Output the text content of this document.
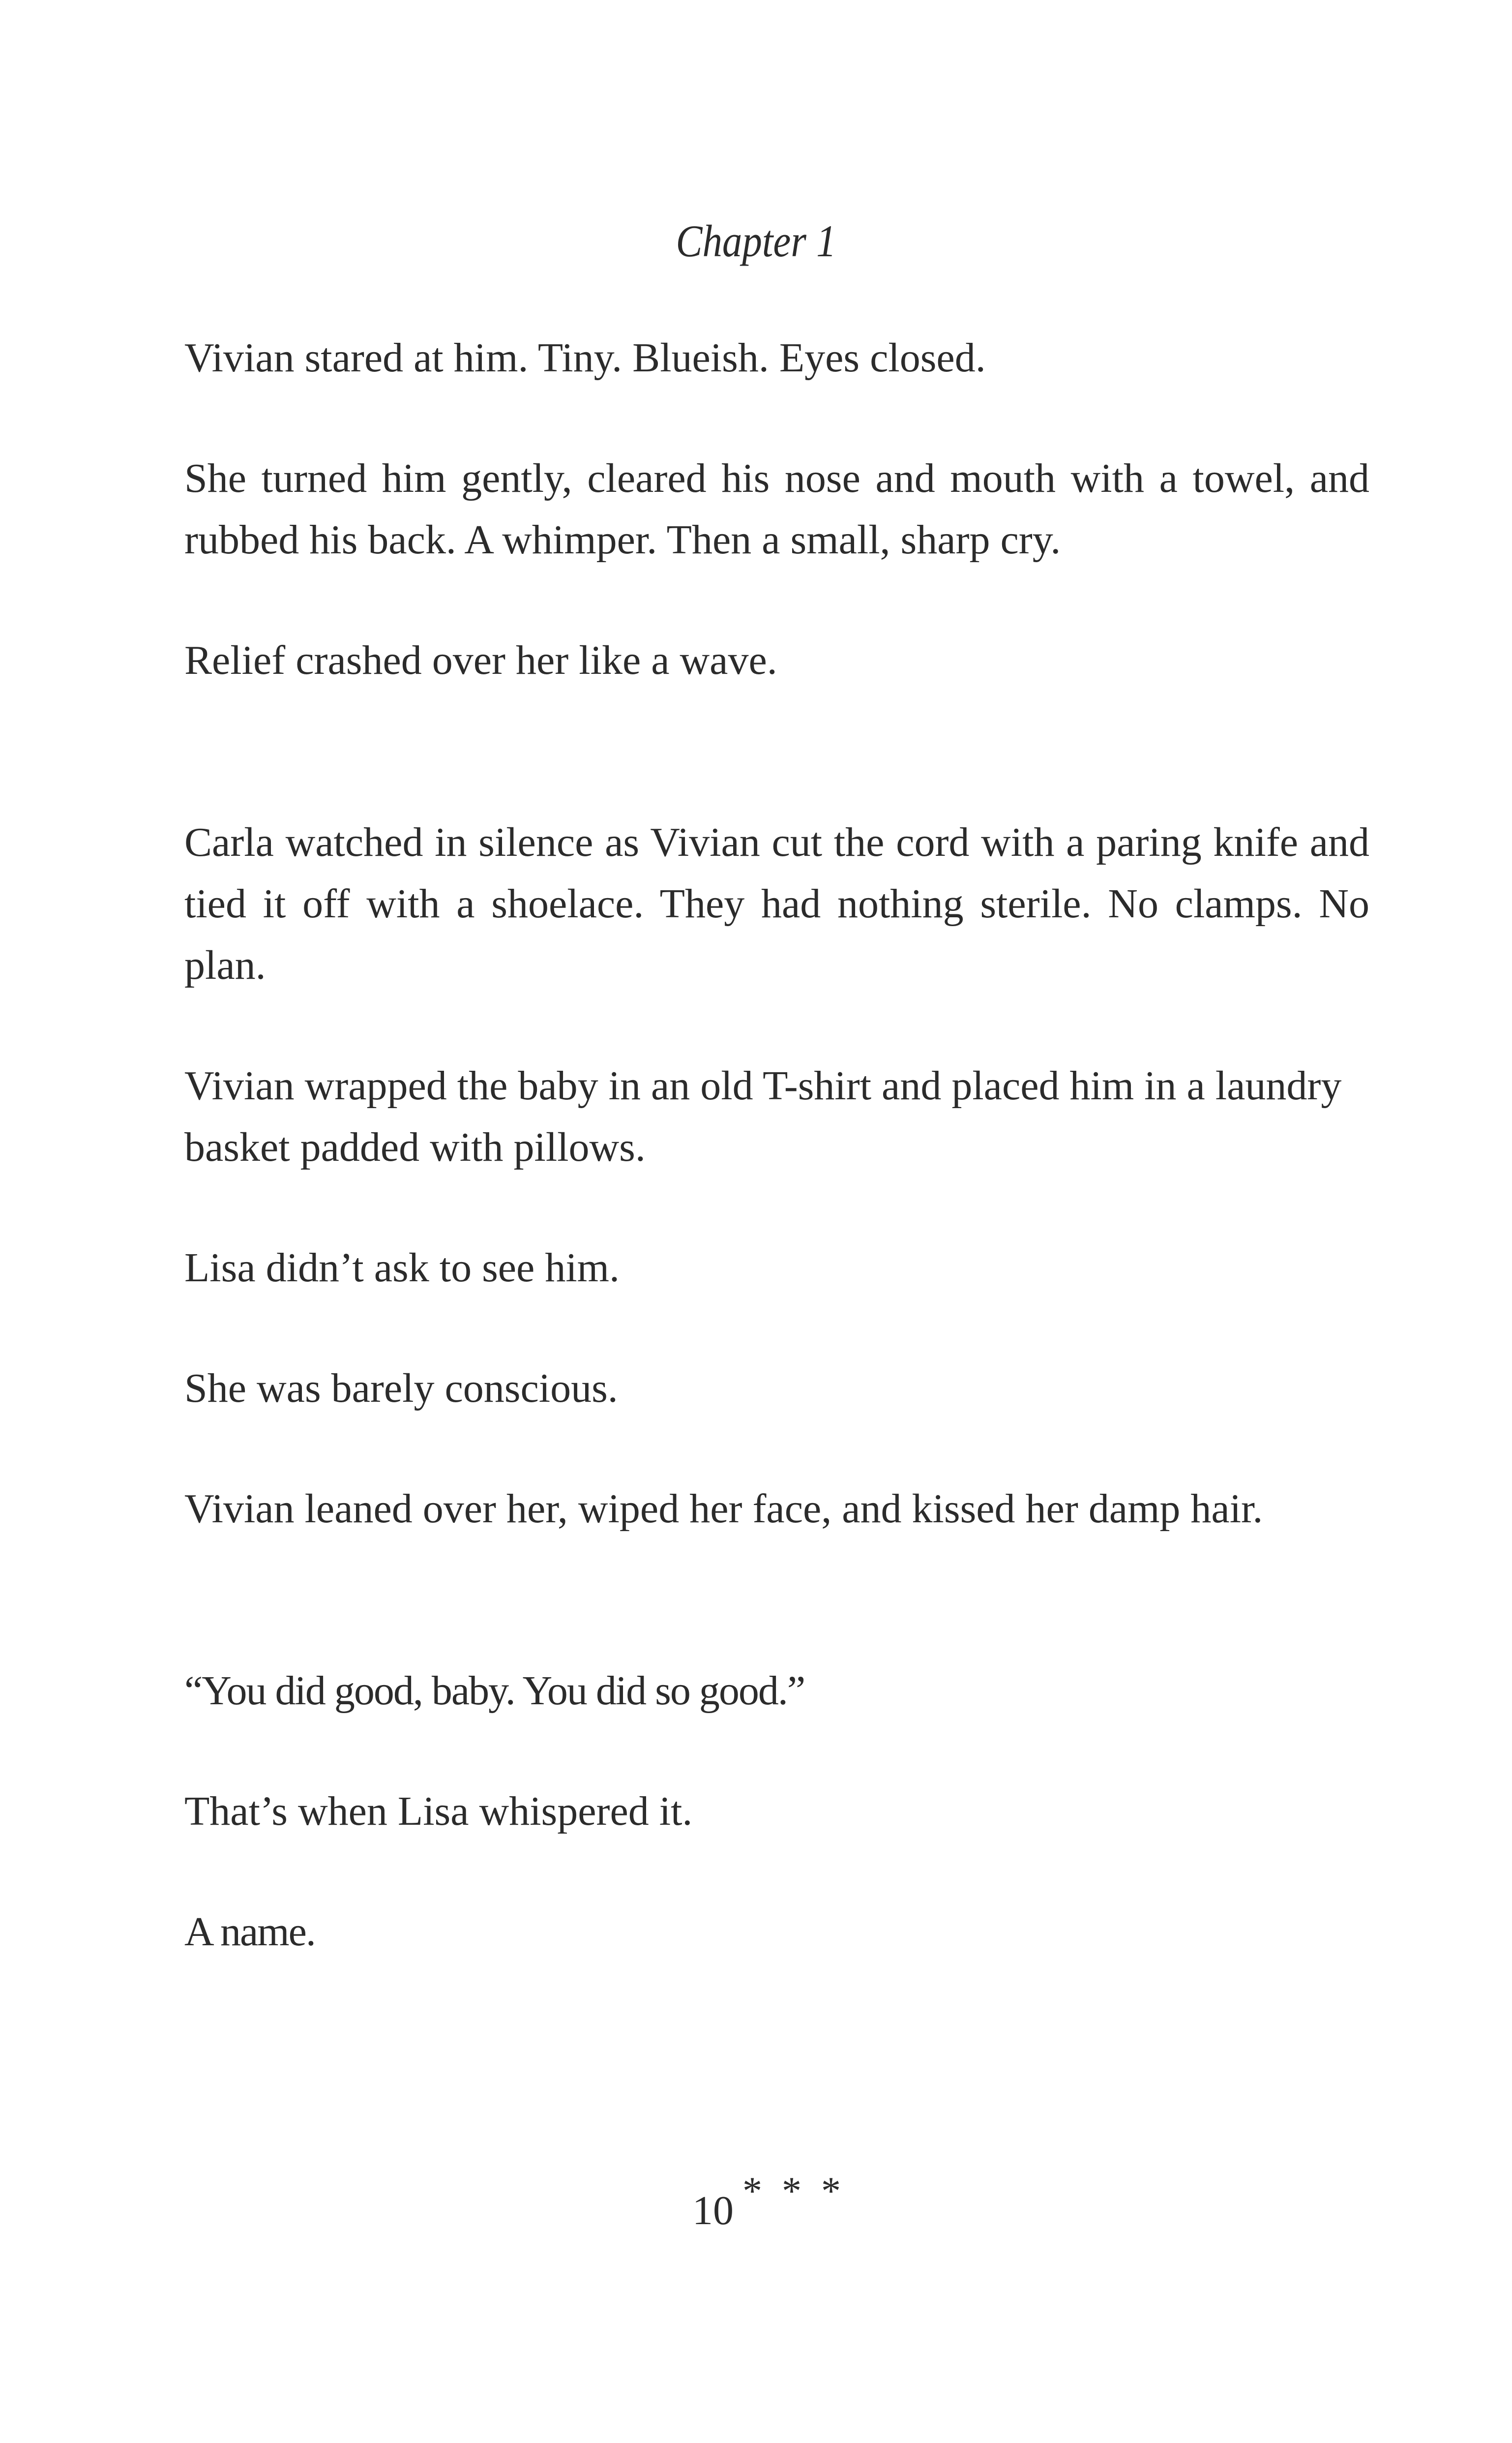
Chapter 1

Vivian stared at him. Tiny. Blueish. Eyes closed.

She turned him gently, cleared his nose and mouth with a towel, and rubbed his back. A whimper. Then a small, sharp cry.

Relief crashed over her like a wave.

Carla watched in silence as Vivian cut the cord with a paring knife and tied it off with a shoelace. They had nothing sterile. No clamps. No plan.

Vivian wrapped the baby in an old T-shirt and placed him in a laundry basket padded with pillows.

Lisa didn’t ask to see him.

She was barely conscious.

Vivian leaned over her, wiped her face, and kissed her damp hair.

“You did good, baby. You did so good.”

That’s when Lisa whispered it.

A name.

* * *
10
